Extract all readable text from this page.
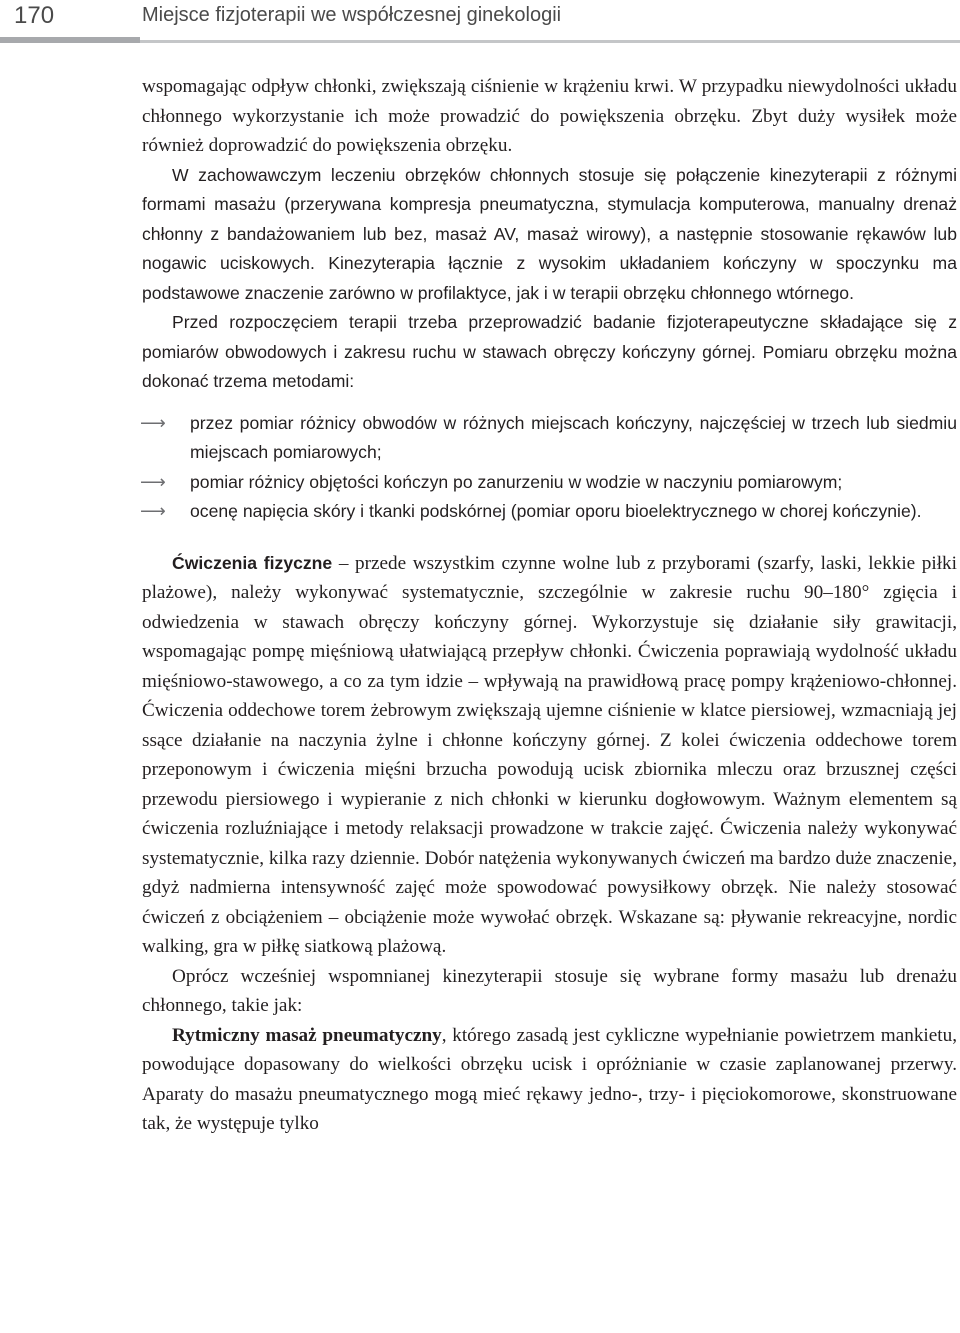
170	Miejsce fizjoterapii we współczesnej ginekologii

wspomagając odpływ chłonki, zwiększają ciśnienie w krążeniu krwi. W przypadku niewydolności układu chłonnego wykorzystanie ich może prowadzić do powiększenia obrzęku. Zbyt duży wysiłek może również doprowadzić do powiększenia obrzęku.

W zachowawczym leczeniu obrzęków chłonnych stosuje się połączenie kinezyterapii z różnymi formami masażu (przerywana kompresja pneumatyczna, stymulacja komputerowa, manualny drenaż chłonny z bandażowaniem lub bez, masaż AV, masaż wirowy), a następnie stosowanie rękawów lub nogawic uciskowych. Kinezyterapia łącznie z wysokim układaniem kończyny w spoczynku ma podstawowe znaczenie zarówno w profilaktyce, jak i w terapii obrzęku chłonnego wtórnego.

Przed rozpoczęciem terapii trzeba przeprowadzić badanie fizjoterapeutyczne składające się z pomiarów obwodowych i zakresu ruchu w stawach obręczy kończyny górnej. Pomiaru obrzęku można dokonać trzema metodami:

⟶	przez pomiar różnicy obwodów w różnych miejscach kończyny, najczęściej w trzech lub siedmiu miejscach pomiarowych;
⟶	pomiar różnicy objętości kończyn po zanurzeniu w wodzie w naczyniu pomiarowym;
⟶	ocenę napięcia skóry i tkanki podskórnej (pomiar oporu bioelektrycznego w chorej kończynie).

Ćwiczenia fizyczne – przede wszystkim czynne wolne lub z przyborami (szarfy, laski, lekkie piłki plażowe), należy wykonywać systematycznie, szczególnie w zakresie ruchu 90–180° zgięcia i odwiedzenia w stawach obręczy kończyny górnej. Wykorzystuje się działanie siły grawitacji, wspomagając pompę mięśniową ułatwiającą przepływ chłonki. Ćwiczenia poprawiają wydolność układu mięśniowo-stawowego, a co za tym idzie – wpływają na prawidłową pracę pompy krążeniowo-chłonnej. Ćwiczenia oddechowe torem żebrowym zwiększają ujemne ciśnienie w klatce piersiowej, wzmacniają jej ssące działanie na naczynia żylne i chłonne kończyny górnej. Z kolei ćwiczenia oddechowe torem przeponowym i ćwiczenia mięśni brzucha powodują ucisk zbiornika mleczu oraz brzusznej części przewodu piersiowego i wypieranie z nich chłonki w kierunku dogłowowym. Ważnym elementem są ćwiczenia rozluźniające i metody relaksacji prowadzone w trakcie zajęć. Ćwiczenia należy wykonywać systematycznie, kilka razy dziennie. Dobór natężenia wykonywanych ćwiczeń ma bardzo duże znaczenie, gdyż nadmierna intensywność zajęć może spowodować powysiłkowy obrzęk. Nie należy stosować ćwiczeń z obciążeniem – obciążenie może wywołać obrzęk. Wskazane są: pływanie rekreacyjne, nordic walking, gra w piłkę siatkową plażową.

Oprócz wcześniej wspomnianej kinezyterapii stosuje się wybrane formy masażu lub drenażu chłonnego, takie jak:

Rytmiczny masaż pneumatyczny, którego zasadą jest cykliczne wypełnianie powietrzem mankietu, powodujące dopasowany do wielkości obrzęku ucisk i opróżnianie w czasie zaplanowanej przerwy. Aparaty do masażu pneumatycznego mogą mieć rękawy jedno-, trzy- i pięciokomorowe, skonstruowane tak, że występuje tylko
